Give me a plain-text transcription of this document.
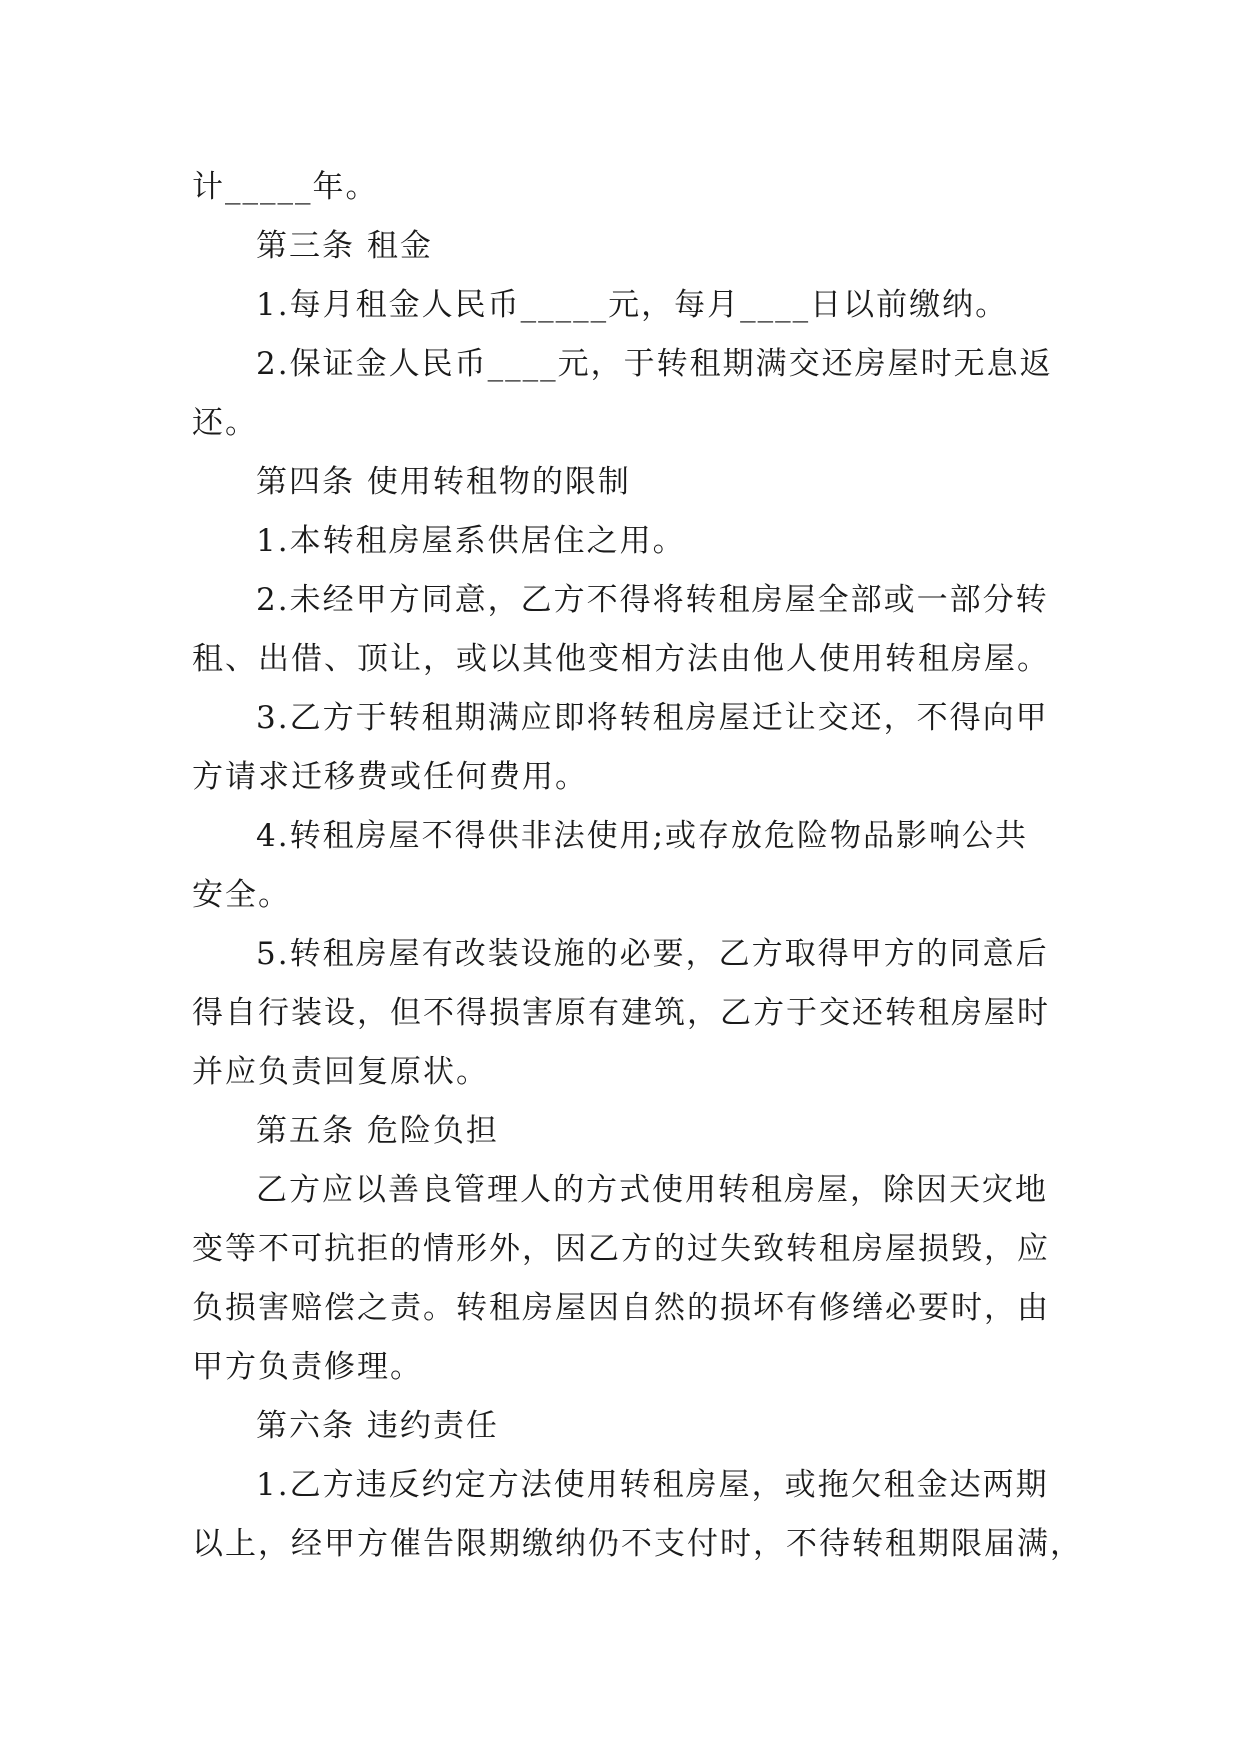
计_____年。
第三条 租金
1.每月租金人民币_____元，每月____日以前缴纳。
2.保证金人民币____元，于转租期满交还房屋时无息返
还。
第四条 使用转租物的限制
1.本转租房屋系供居住之用。
2.未经甲方同意，乙方不得将转租房屋全部或一部分转
租、出借、顶让，或以其他变相方法由他人使用转租房屋。
3.乙方于转租期满应即将转租房屋迁让交还，不得向甲
方请求迁移费或任何费用。
4.转租房屋不得供非法使用;或存放危险物品影响公共
安全。
5.转租房屋有改装设施的必要，乙方取得甲方的同意后
得自行装设，但不得损害原有建筑，乙方于交还转租房屋时
并应负责回复原状。
第五条 危险负担
乙方应以善良管理人的方式使用转租房屋，除因天灾地
变等不可抗拒的情形外，因乙方的过失致转租房屋损毁，应
负损害赔偿之责。转租房屋因自然的损坏有修缮必要时，由
甲方负责修理。
第六条 违约责任
1.乙方违反约定方法使用转租房屋，或拖欠租金达两期
以上，经甲方催告限期缴纳仍不支付时，不待转租期限届满，
